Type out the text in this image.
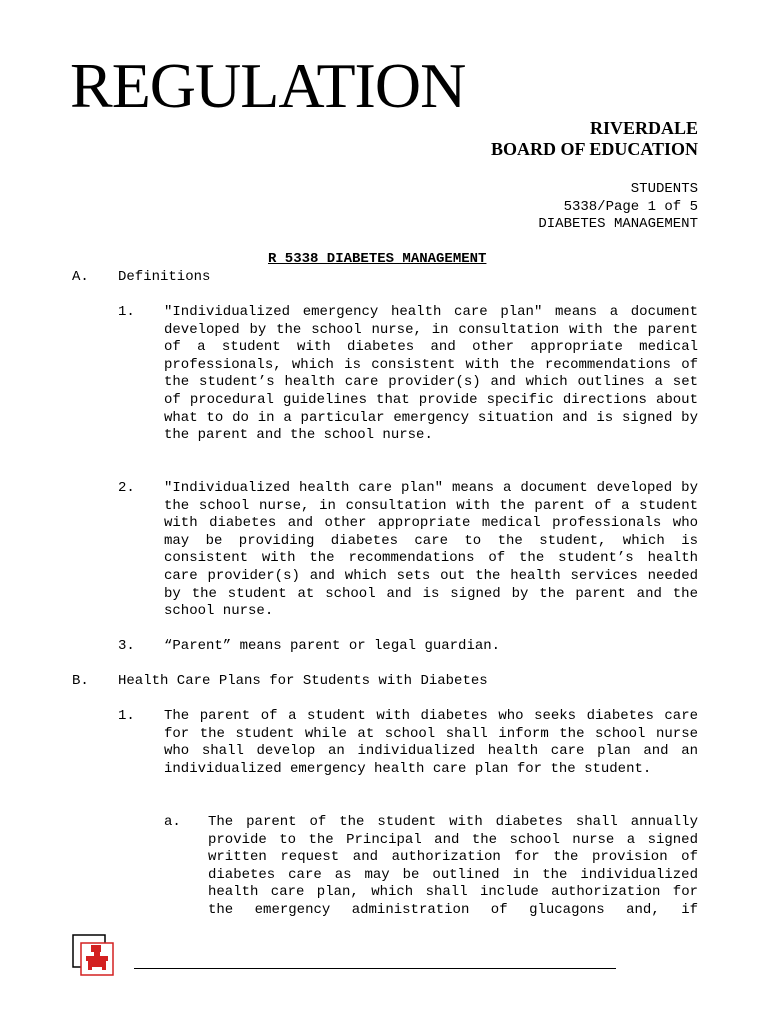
REGULATION
RIVERDALE
BOARD OF EDUCATION
STUDENTS
5338/Page 1 of 5
DIABETES MANAGEMENT
R 5338 DIABETES MANAGEMENT
A. Definitions
1. "Individualized emergency health care plan" means a document developed by the school nurse, in consultation with the parent of a student with diabetes and other appropriate medical professionals, which is consistent with the recommendations of the student’s health care provider(s) and which outlines a set of procedural guidelines that provide specific directions about what to do in a particular emergency situation and is signed by the parent and the school nurse.
2. "Individualized health care plan" means a document developed by the school nurse, in consultation with the parent of a student with diabetes and other appropriate medical professionals who may be providing diabetes care to the student, which is consistent with the recommendations of the student’s health care provider(s) and which sets out the health services needed by the student at school and is signed by the parent and the school nurse.
3. “Parent” means parent or legal guardian.
B. Health Care Plans for Students with Diabetes
1. The parent of a student with diabetes who seeks diabetes care for the student while at school shall inform the school nurse who shall develop an individualized health care plan and an individualized emergency health care plan for the student.
a. The parent of the student with diabetes shall annually provide to the Principal and the school nurse a signed written request and authorization for the provision of diabetes care as may be outlined in the individualized health care plan, which shall include authorization for the emergency administration of glucagons and, if
